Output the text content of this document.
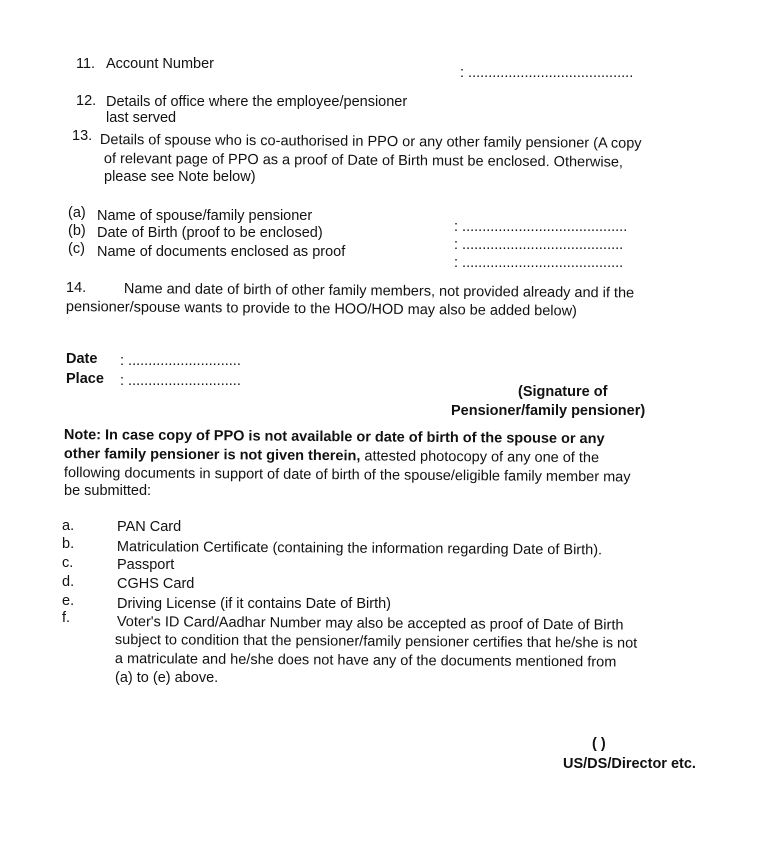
11. Account Number
: .........................................
12. Details of office where the employee/pensioner
last served
13. Details of spouse who is co-authorised in PPO or any other family pensioner (A copy
of relevant page of PPO as a proof of Date of Birth must be enclosed. Otherwise,
please see Note below)
(a) Name of spouse/family pensioner
: .........................................
(b) Date of Birth (proof to be enclosed)
: ........................................
(c) Name of documents enclosed as proof
: ........................................
14.	Name and date of birth of other family members, not provided already and if the
pensioner/spouse wants to provide to the HOO/HOD may also be added below)
Date : ............................
Place : ............................
(Signature of
Pensioner/family pensioner)
Note: In case copy of PPO is not available or date of birth of the spouse or any
other family pensioner is not given therein, attested photocopy of any one of the
following documents in support of date of birth of the spouse/eligible family member may
be submitted:
a.	PAN Card
b.	Matriculation Certificate (containing the information regarding Date of Birth).
c.	Passport
d.	CGHS Card
e.	Driving License (if it contains Date of Birth)
f.	Voter's ID Card/Aadhar Number may also be accepted as proof of Date of Birth
subject to condition that the pensioner/family pensioner certifies that he/she is not
a matriculate and he/she does not have any of the documents mentioned from
(a) to (e) above.
( )
US/DS/Director etc.
